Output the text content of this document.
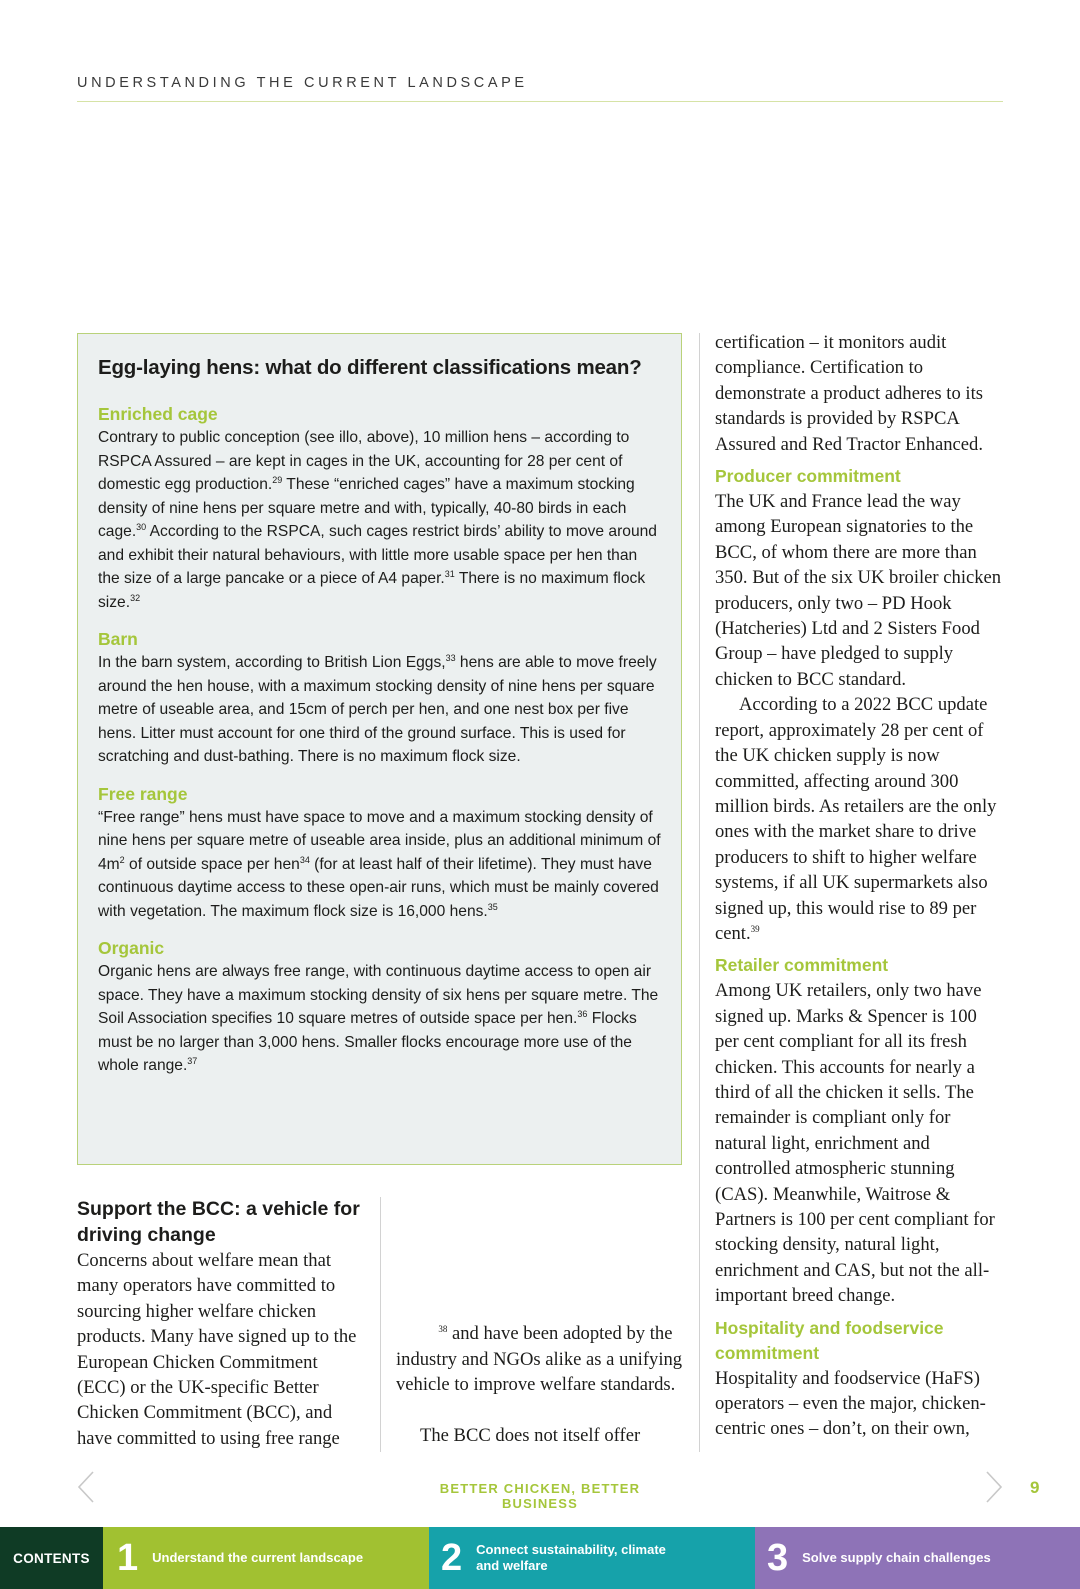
UNDERSTANDING THE CURRENT LANDSCAPE
Egg-laying hens: what do different classifications mean?
Enriched cage

Contrary to public conception (see illo, above), 10 million hens – according to RSPCA Assured – are kept in cages in the UK, accounting for 28 per cent of domestic egg production.$^{29}$ These “enriched cages” have a maximum stocking density of nine hens per square metre and with, typically, 40-80 birds in each cage.$^{30}$ According to the RSPCA, such cages restrict birds’ ability to move around and exhibit their natural behaviours, with little more usable space per hen than the size of a large pancake or a piece of A4 paper.$^{31}$ There is no maximum flock size.$^{32}$

Barn

In the barn system, according to British Lion Eggs,$^{33}$ hens are able to move freely around the hen house, with a maximum stocking density of nine hens per square metre of useable area, and 15cm of perch per hen, and one nest box per five hens. Litter must account for one third of the ground surface. This is used for scratching and dust-bathing. There is no maximum flock size.

Free range

“Free range” hens must have space to move and a maximum stocking density of nine hens per square metre of useable area inside, plus an additional minimum of $4m^2$ of outside space per hen$^{34}$ (for at least half of their lifetime). They must have continuous daytime access to these open-air runs, which must be mainly covered with vegetation. The maximum flock size is 16,000 hens.$^{35}$

Organic

Organic hens are always free range, with continuous daytime access to open air space. They have a maximum stocking density of six hens per square metre. The Soil Association specifies 10 square metres of outside space per hen.$^{36}$ Flocks must be no larger than 3,000 hens. Smaller flocks encourage more use of the whole range.$^{37}$

Support the BCC: a vehicle for driving change

Concerns about welfare mean that many operators have committed to sourcing higher welfare chicken products. Many have signed up to the European Chicken Commitment (ECC) or the UK-specific Better Chicken Commitment (BCC), and have committed to using free range

$^{38}$ and have been adopted by the industry and NGOs alike as a unifying vehicle to improve welfare standards.

The BCC does not itself offer

certification – it monitors audit compliance. Certification to demonstrate a product adheres to its standards is provided by RSPCA Assured and Red Tractor Enhanced.

Producer commitment

The UK and France lead the way among European signatories to the BCC, of whom there are more than 350. But of the six UK broiler chicken producers, only two – PD Hook (Hatcheries) Ltd and 2 Sisters Food Group – have pledged to supply chicken to BCC standard.

According to a 2022 BCC update report, approximately 28 per cent of the UK chicken supply is now committed, affecting around 300 million birds. As retailers are the only ones with the market share to drive producers to shift to higher welfare systems, if all UK supermarkets also signed up, this would rise to 89 per cent.$^{39}$

Retailer commitment

Among UK retailers, only two have signed up. Marks & Spencer is 100 per cent compliant for all its fresh chicken. This accounts for nearly a third of all the chicken it sells. The remainder is compliant only for natural light, enrichment and controlled atmospheric stunning (CAS). Meanwhile, Waitrose & Partners is 100 per cent compliant for stocking density, natural light, enrichment and CAS, but not the all-important breed change.

Hospitality and foodservice commitment

Hospitality and foodservice (HaFS) operators – even the major, chicken-centric ones – don’t, on their own,

BETTER CHICKEN, BETTER BUSINESS
9
CONTENTS 1 Understand the current landscape 2 Connect sustainability, climate and welfare	3 Solve supply chain challenges
